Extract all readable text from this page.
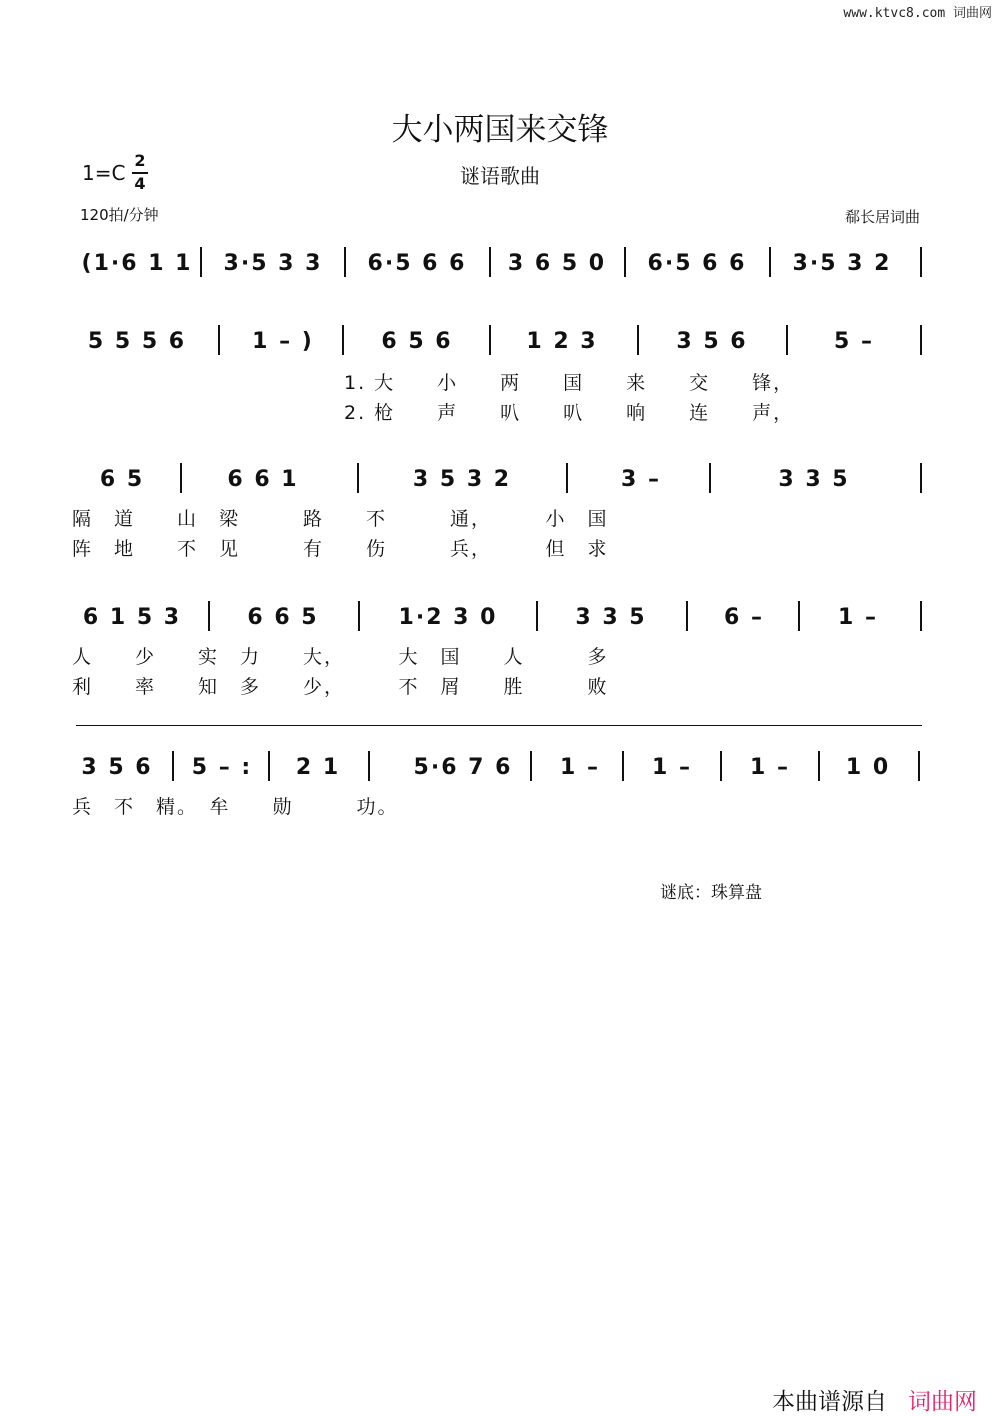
www.ktvc8.com 词曲网
大小两国来交锋
谜语歌曲
1=C
2
4
120拍/分钟	郗长居词曲
(1·6 1 1	3·5 3 3	6·5 6 6	3 6 5 0	6·5 6 6	3·5 3 2
5 5 5 6	1 – )	6 5 6	1 2 3	3 5 6	5 –
1. 大　　小　　两　　国　　来　　交　　锋，
2. 枪　　声　　叭　　叭　　响　　连　　声，
6 5	6 6 1	3 5 3 2	3 –	3 3 5
隔　道　　山　梁　　　路　　不　　　通，　　　小　国
阵　地　　不　见　　　有　　伤　　　兵，　　　但　求
6 1 5 3	6 6 5	1·2 3 0	3 3 5	6 –	1 –
人　　少　　实　力　　大，　　　大　国　　人　　　多
利　　率　　知　多　　少，　　　不　屑　　胜　　　败
3 5 6	5 – :	2 1	5·6 7 6	1 –	1 –	1 –	1 0
兵　不　精。　牟　　勋　　　功。
谜底：珠算盘
本曲谱源自 词曲网
